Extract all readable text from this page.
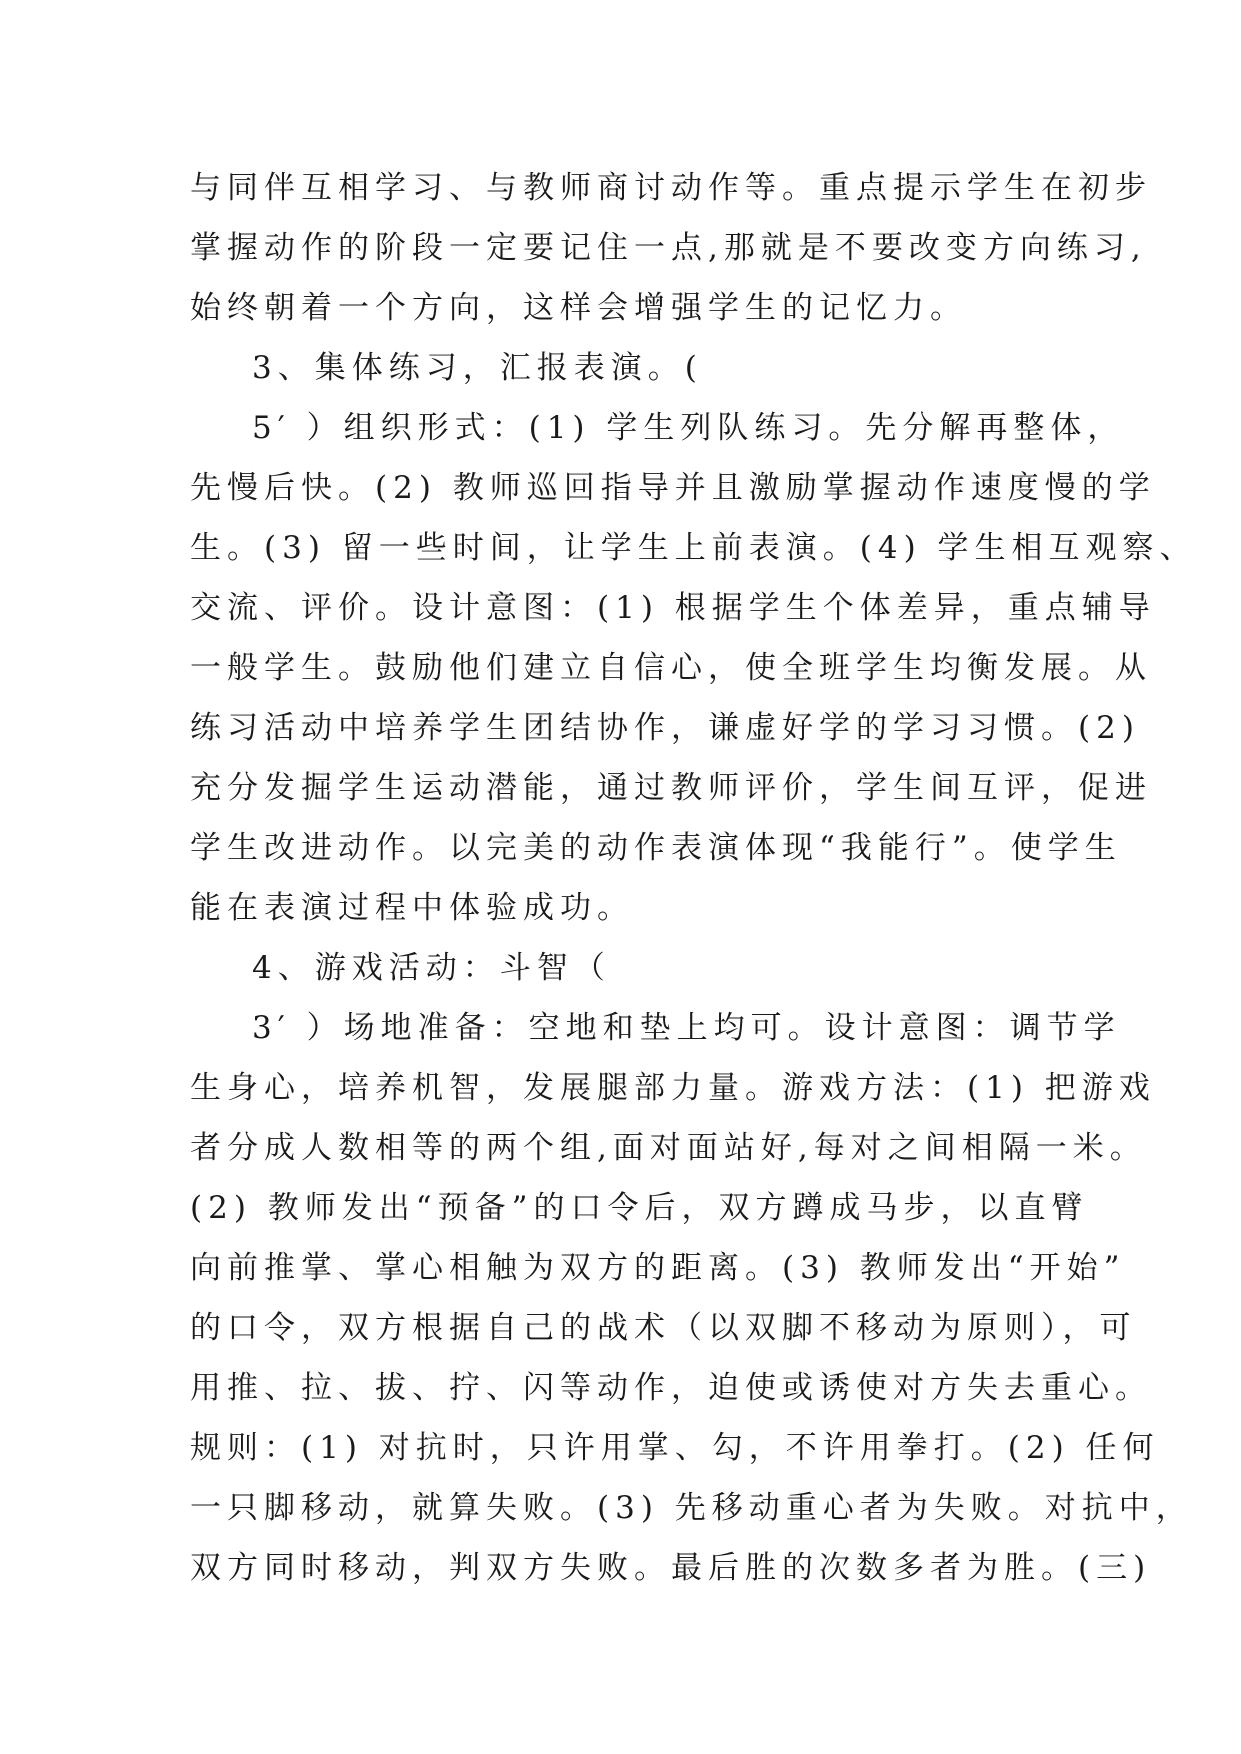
与同伴互相学习、与教师商讨动作等。重点提示学生在初步
掌握动作的阶段一定要记住一点,那就是不要改变方向练习,
始终朝着一个方向，这样会增强学生的记忆力。
3、集体练习，汇报表演。(
5′ ）组织形式：(1) 学生列队练习。先分解再整体，
先慢后快。(2) 教师巡回指导并且激励掌握动作速度慢的学
生。(3) 留一些时间，让学生上前表演。(4) 学生相互观察、
交流、评价。设计意图：(1) 根据学生个体差异，重点辅导
一般学生。鼓励他们建立自信心，使全班学生均衡发展。从
练习活动中培养学生团结协作，谦虚好学的学习习惯。(2)
充分发掘学生运动潜能，通过教师评价，学生间互评，促进
学生改进动作。以完美的动作表演体现“我能行”。使学生
能在表演过程中体验成功。
4、游戏活动：斗智（
3′ ）场地准备：空地和垫上均可。设计意图：调节学
生身心，培养机智，发展腿部力量。游戏方法：(1) 把游戏
者分成人数相等的两个组,面对面站好,每对之间相隔一米。
(2) 教师发出“预备”的口令后，双方蹲成马步，以直臂
向前推掌、掌心相触为双方的距离。(3) 教师发出“开始”
的口令，双方根据自己的战术（以双脚不移动为原则），可
用推、拉、拔、拧、闪等动作，迫使或诱使对方失去重心。
规则：(1) 对抗时，只许用掌、勾，不许用拳打。(2) 任何
一只脚移动，就算失败。(3) 先移动重心者为失败。对抗中，
双方同时移动，判双方失败。最后胜的次数多者为胜。(三)
